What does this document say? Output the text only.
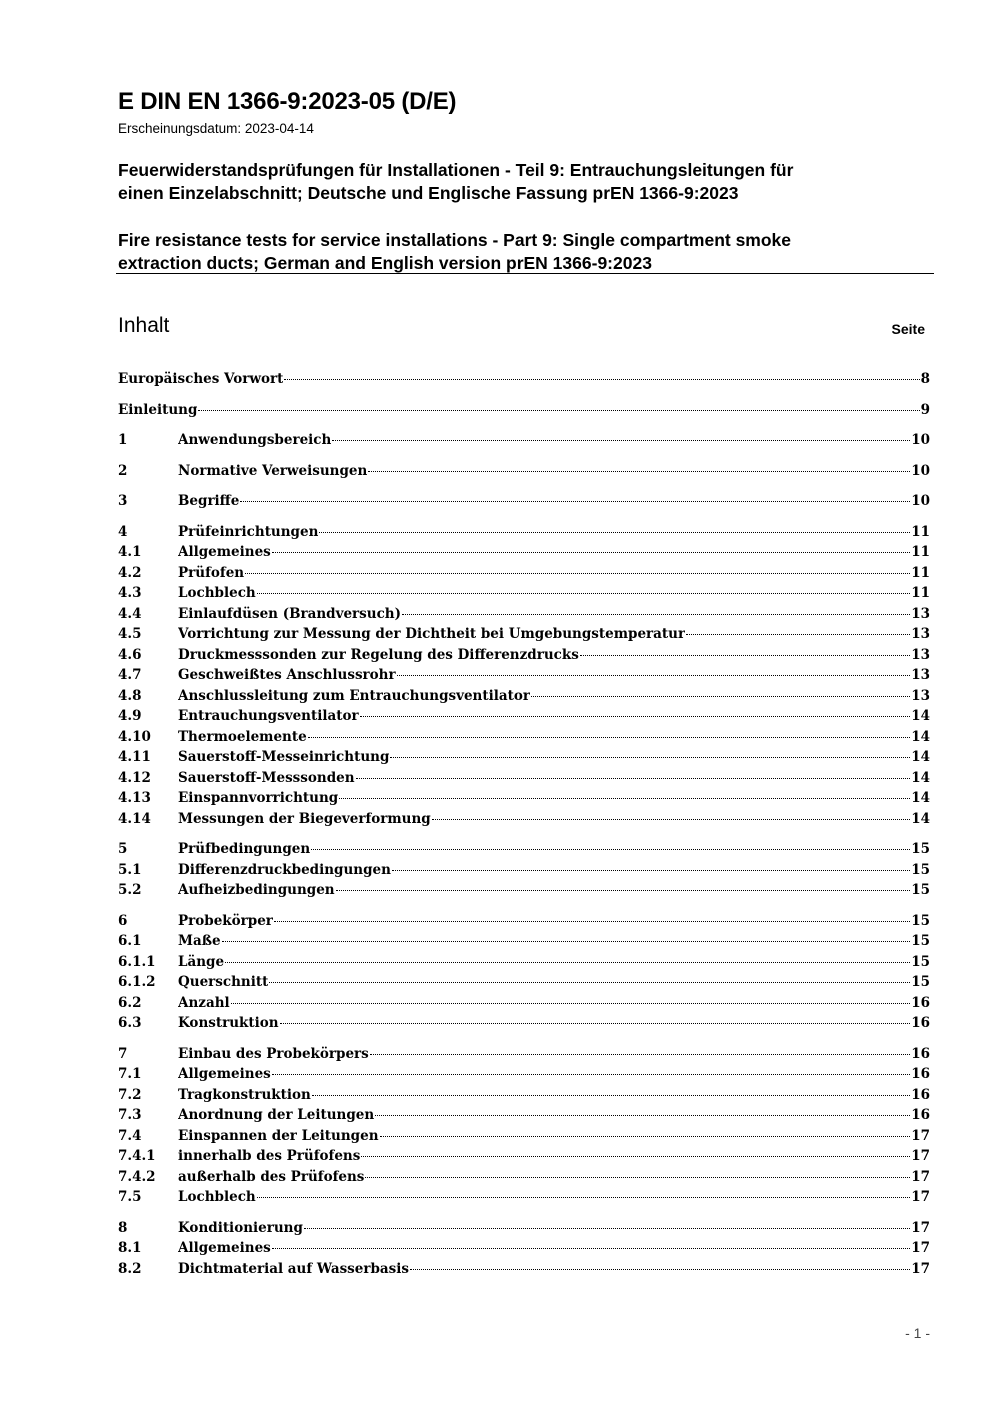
E DIN EN 1366-9:2023-05 (D/E)
Erscheinungsdatum: 2023-04-14
Feuerwiderstandsprüfungen für Installationen - Teil 9: Entrauchungsleitungen für
einen Einzelabschnitt; Deutsche und Englische Fassung prEN 1366-9:2023
Fire resistance tests for service installations - Part 9: Single compartment smoke
extraction ducts; German and English version prEN 1366-9:2023
Inhalt	Seite
Europäisches Vorwort	8
Einleitung	9
1	Anwendungsbereich	10
2	Normative Verweisungen	10
3	Begriffe	10
4	Prüfeinrichtungen	11
4.1	Allgemeines	11
4.2	Prüfofen	11
4.3	Lochblech	11
4.4	Einlaufdüsen (Brandversuch)	13
4.5	Vorrichtung zur Messung der Dichtheit bei Umgebungstemperatur	13
4.6	Druckmesssonden zur Regelung des Differenzdrucks	13
4.7	Geschweißtes Anschlussrohr	13
4.8	Anschlussleitung zum Entrauchungsventilator	13
4.9	Entrauchungsventilator	14
4.10	Thermoelemente	14
4.11	Sauerstoff-Messeinrichtung	14
4.12	Sauerstoff-Messsonden	14
4.13	Einspannvorrichtung	14
4.14	Messungen der Biegeverformung	14
5	Prüfbedingungen	15
5.1	Differenzdruckbedingungen	15
5.2	Aufheizbedingungen	15
6	Probekörper	15
6.1	Maße	15
6.1.1	Länge	15
6.1.2	Querschnitt	15
6.2	Anzahl	16
6.3	Konstruktion	16
7	Einbau des Probekörpers	16
7.1	Allgemeines	16
7.2	Tragkonstruktion	16
7.3	Anordnung der Leitungen	16
7.4	Einspannen der Leitungen	17
7.4.1	innerhalb des Prüfofens	17
7.4.2	außerhalb des Prüfofens	17
7.5	Lochblech	17
8	Konditionierung	17
8.1	Allgemeines	17
8.2	Dichtmaterial auf Wasserbasis	17
- 1 -
